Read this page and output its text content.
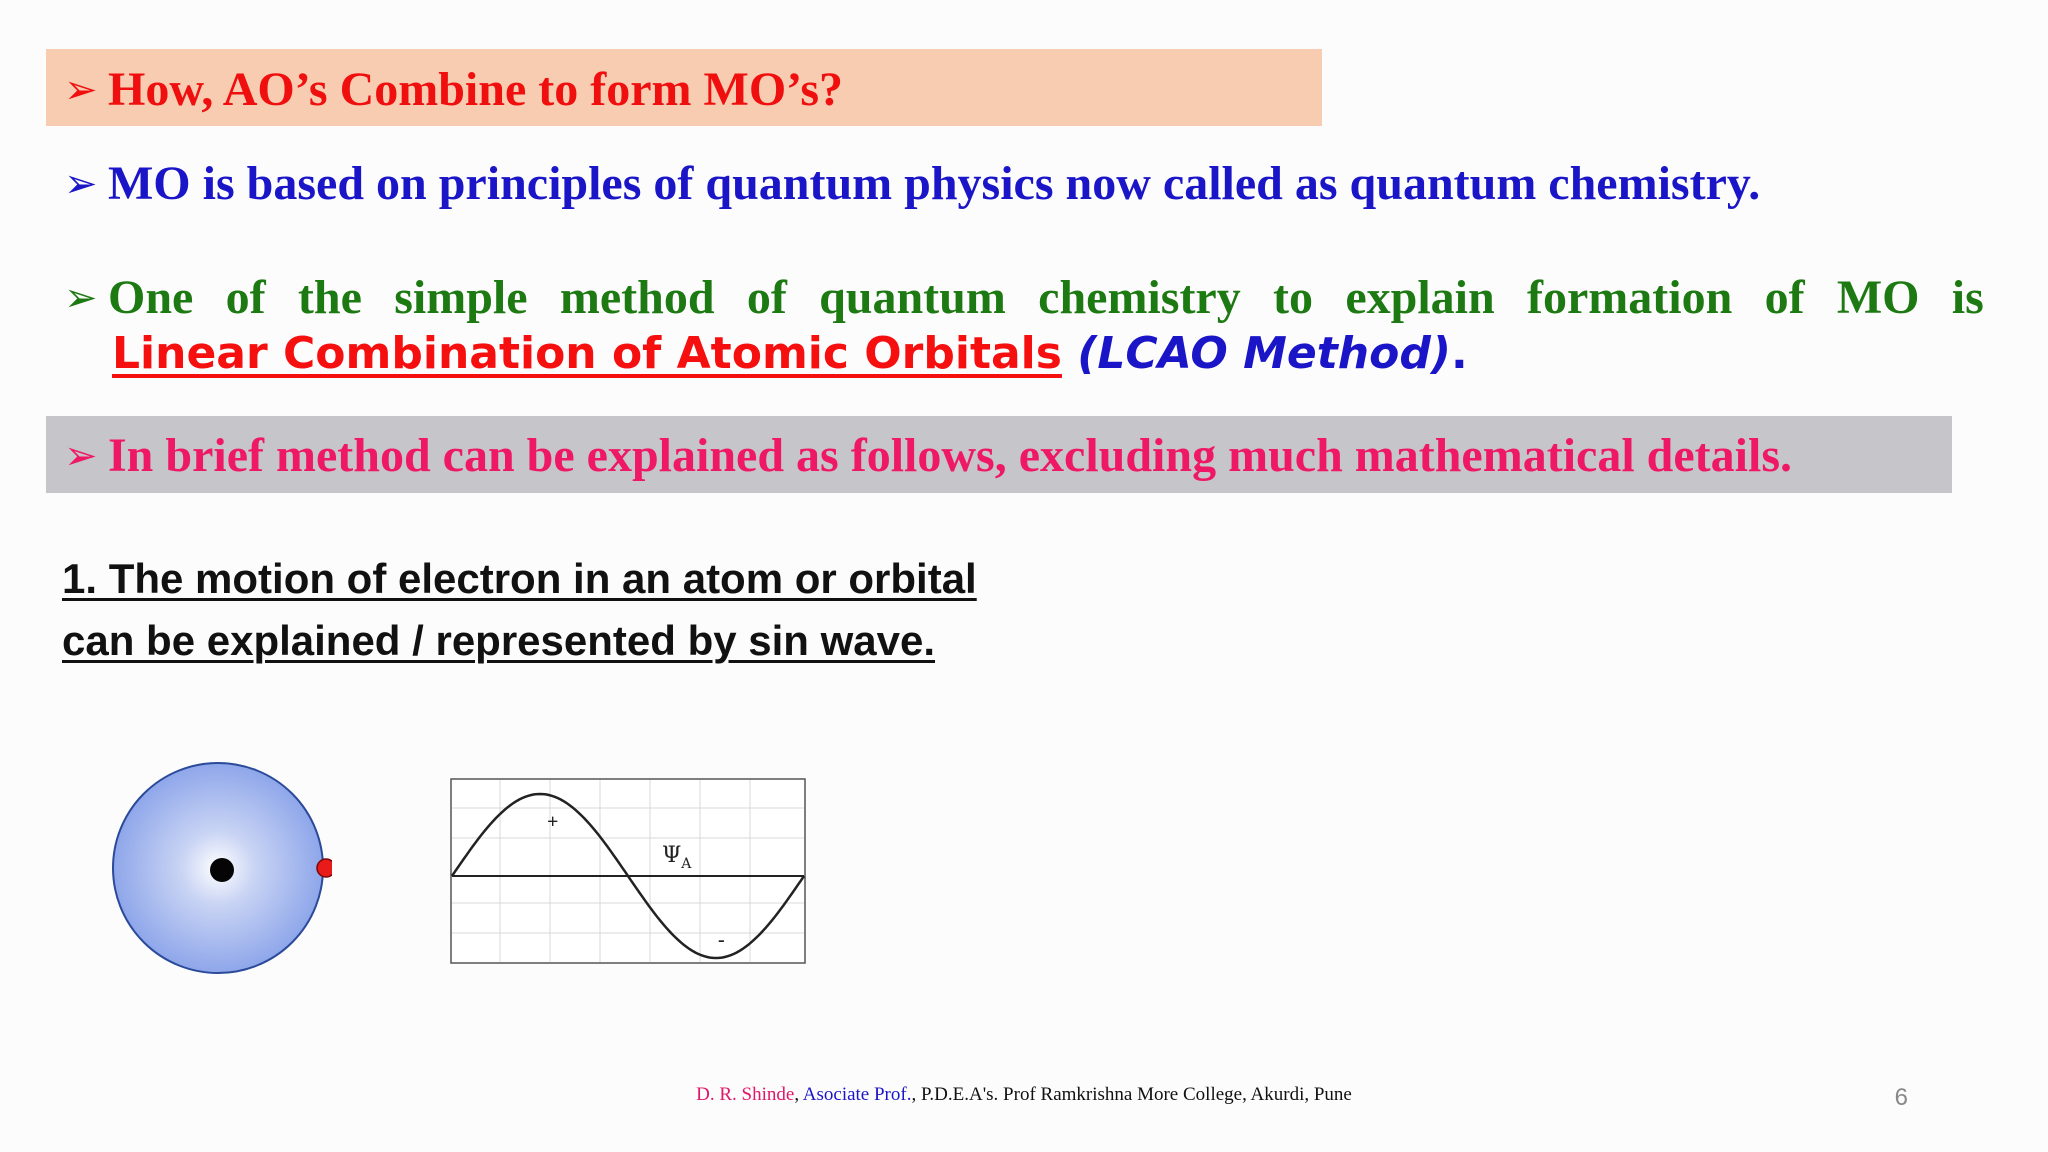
➢ How, AO’s Combine to form MO’s?
➢ MO is based on principles of quantum physics now called as quantum chemistry.
➢ One of the simple method of quantum chemistry to explain formation of MO is
Linear Combination of Atomic Orbitals (LCAO Method).
➢ In brief method can be explained as follows, excluding much mathematical details.
1. The motion of electron in an atom or orbital
can be explained / represented by sin wave.
+
-
$\Psi_A$
D. R. Shinde, Asociate Prof., P.D.E.A's. Prof Ramkrishna More College, Akurdi, Pune	6
